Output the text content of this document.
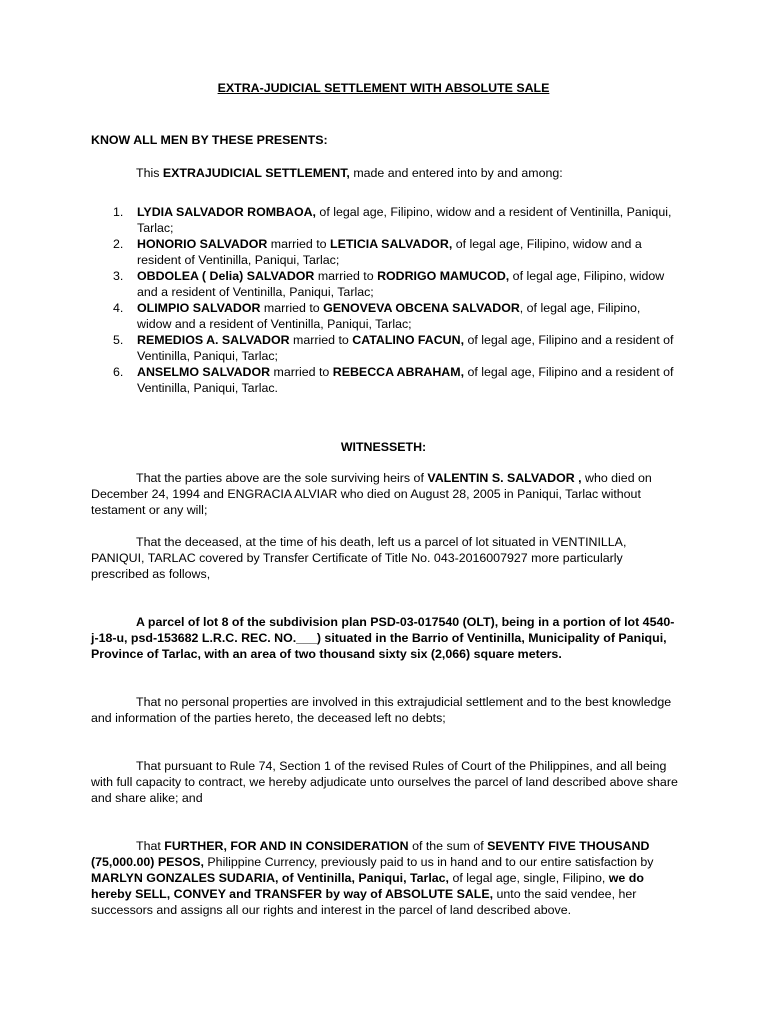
EXTRA-JUDICIAL SETTLEMENT WITH ABSOLUTE SALE
KNOW ALL MEN BY THESE PRESENTS:
This EXTRAJUDICIAL SETTLEMENT, made and entered into by and among:
1. LYDIA SALVADOR ROMBAOA, of legal age, Filipino, widow and a resident of Ventinilla, Paniqui, Tarlac;
2. HONORIO SALVADOR married to LETICIA SALVADOR, of legal age, Filipino, widow and a resident of Ventinilla, Paniqui, Tarlac;
3. OBDOLEA ( Delia) SALVADOR married to RODRIGO MAMUCOD, of legal age, Filipino, widow and a resident of Ventinilla, Paniqui, Tarlac;
4. OLIMPIO SALVADOR married to GENOVEVA OBCENA SALVADOR, of legal age, Filipino, widow and a resident of Ventinilla, Paniqui, Tarlac;
5. REMEDIOS A. SALVADOR married to CATALINO FACUN, of legal age, Filipino and a resident of Ventinilla, Paniqui, Tarlac;
6. ANSELMO SALVADOR married to REBECCA ABRAHAM, of legal age, Filipino and a resident of Ventinilla, Paniqui, Tarlac.
WITNESSETH:

That the parties above are the sole surviving heirs of VALENTIN S. SALVADOR , who died on December 24, 1994 and ENGRACIA ALVIAR who died on August 28, 2005 in Paniqui, Tarlac without testament or any will;

That the deceased, at the time of his death, left us a parcel of lot situated in VENTINILLA, PANIQUI, TARLAC covered by Transfer Certificate of Title No. 043-2016007927 more particularly prescribed as follows,

A parcel of lot 8 of the subdivision plan PSD-03-017540 (OLT), being in a portion of lot 4540-j-18-u, psd-153682 L.R.C. REC. NO.___) situated in the Barrio of Ventinilla, Municipality of Paniqui, Province of Tarlac, with an area of two thousand sixty six (2,066) square meters.

That no personal properties are involved in this extrajudicial settlement and to the best knowledge and information of the parties hereto, the deceased left no debts;

That pursuant to Rule 74, Section 1 of the revised Rules of Court of the Philippines, and all being with full capacity to contract, we hereby adjudicate unto ourselves the parcel of land described above share and share alike; and

That FURTHER, FOR AND IN CONSIDERATION of the sum of SEVENTY FIVE THOUSAND (75,000.00) PESOS, Philippine Currency, previously paid to us in hand and to our entire satisfaction by MARLYN GONZALES SUDARIA, of Ventinilla, Paniqui, Tarlac, of legal age, single, Filipino, we do hereby SELL, CONVEY and TRANSFER by way of ABSOLUTE SALE, unto the said vendee, her successors and assigns all our rights and interest in the parcel of land described above.
